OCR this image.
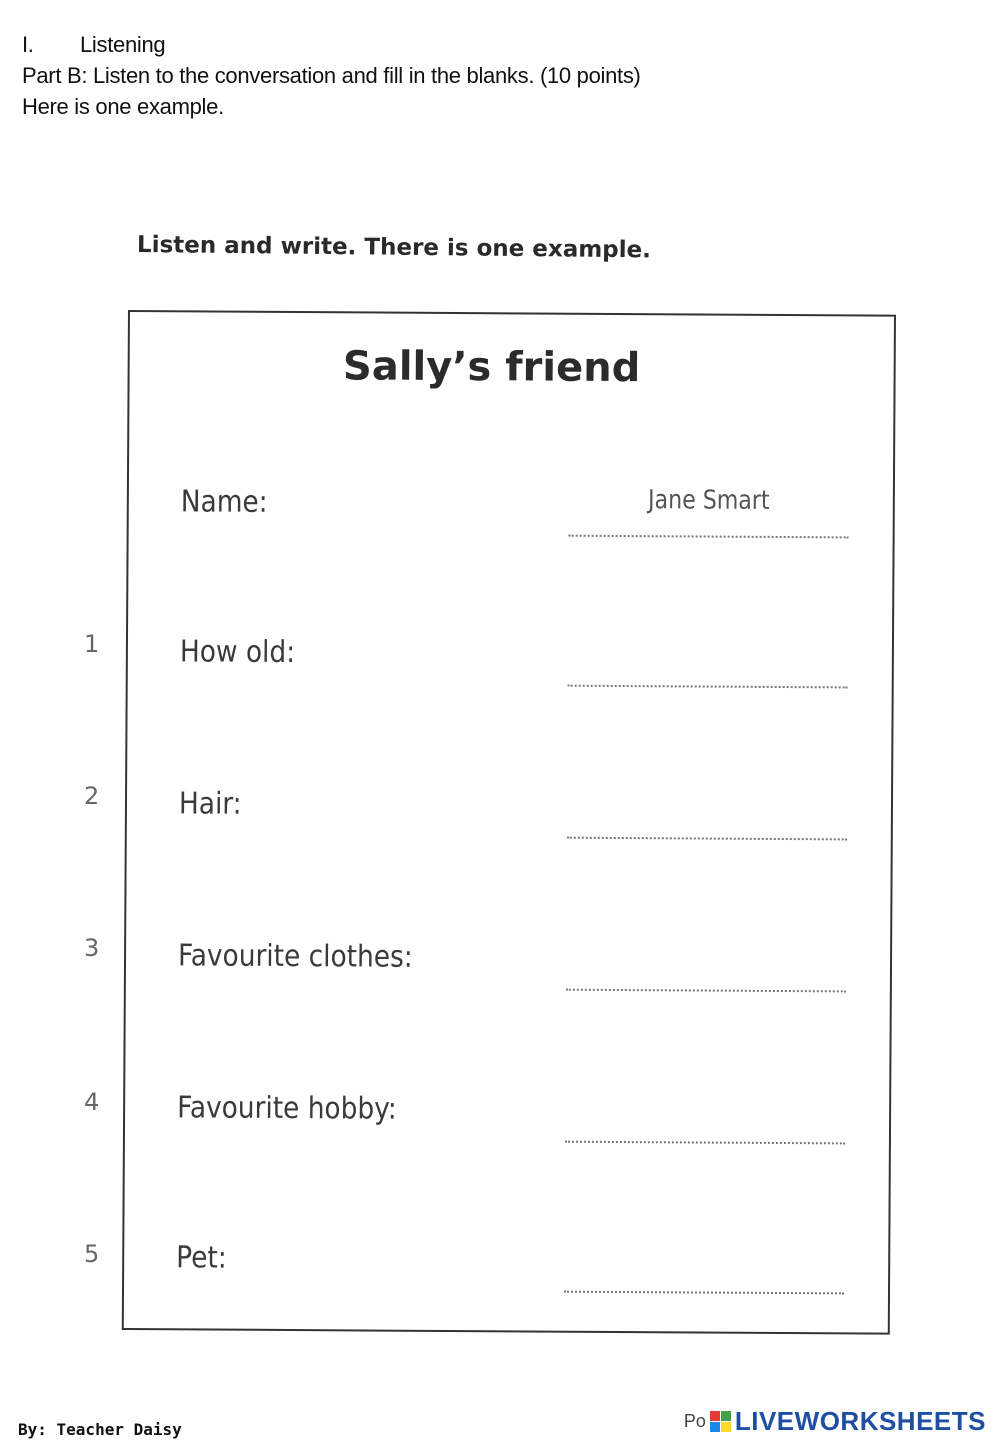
I. Listening
Part B: Listen to the conversation and fill in the blanks. (10 points)
Here is one example.
Listen and write. There is one example.
Sally’s friend
Name:	Jane Smart
How old:
Hair:
Favourite clothes:
Favourite hobby:
Pet:
1
2
3
4
5
By: Teacher Daisy	Po LIVEWORKSHEETS
